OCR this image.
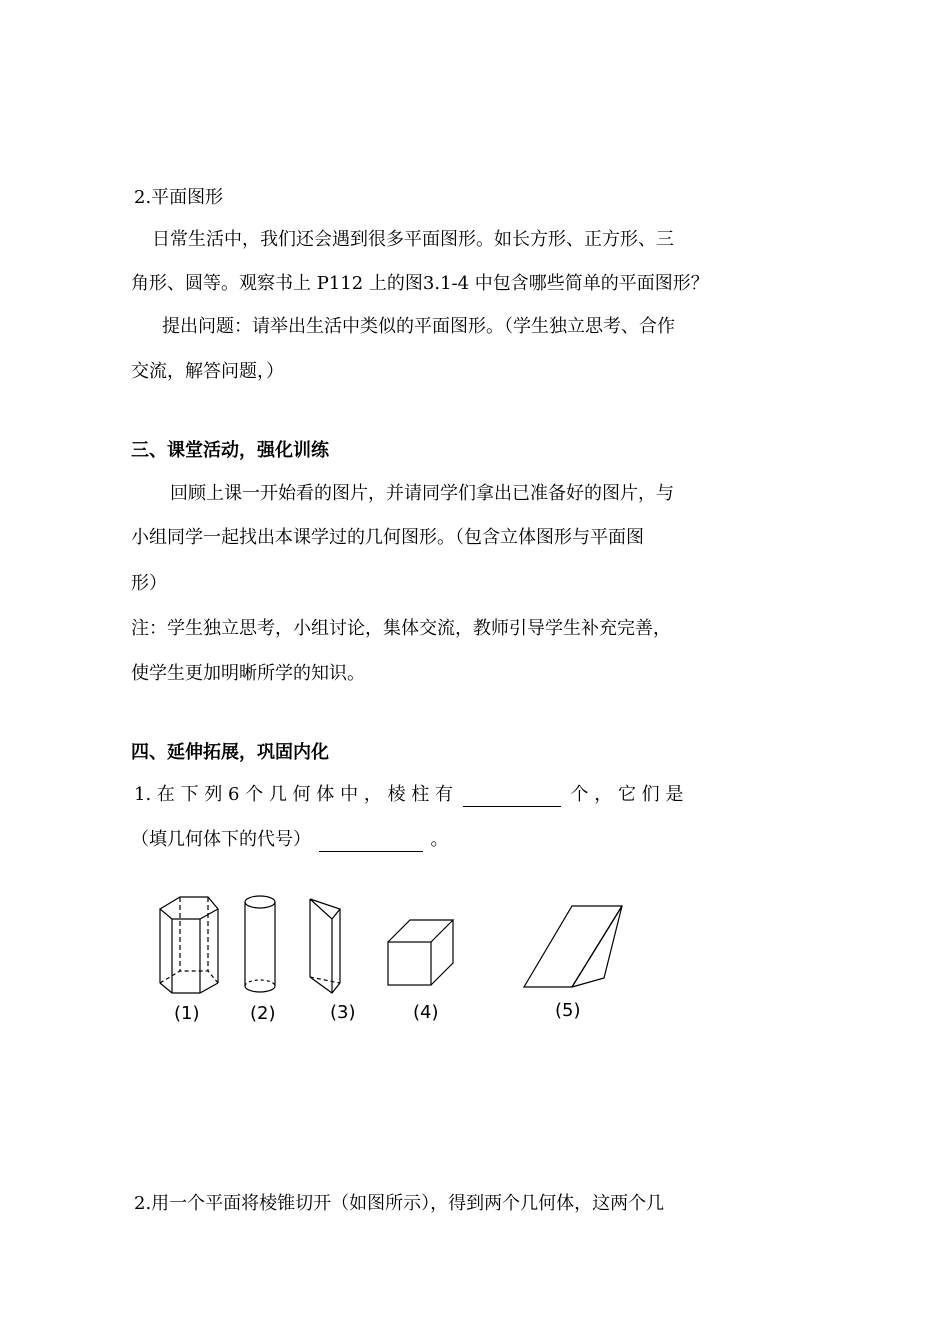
2.平面图形
日常生活中，我们还会遇到很多平面图形。如长方形、正方形、三
角形、圆等。观察书上 P112 上的图3.1-4 中包含哪些简单的平面图形？
提出问题：请举出生活中类似的平面图形。（学生独立思考、合作
交流，解答问题，）
三、课堂活动，强化训练
回顾上课一开始看的图片，并请同学们拿出已准备好的图片，与
小组同学一起找出本课学过的几何图形。（包含立体图形与平面图
形）
注：学生独立思考，小组讨论，集体交流，教师引导学生补充完善，
使学生更加明晰所学的知识。
四、延伸拓展，巩固内化
1. 在 下 列 6 个 几 何 体 中 ， 棱 柱 有	个 ， 它 们 是
（填几何体下的代号）	。
(1)	(2)	(3)	(4)	(5)
2.用一个平面将棱锥切开（如图所示），得到两个几何体，这两个几
